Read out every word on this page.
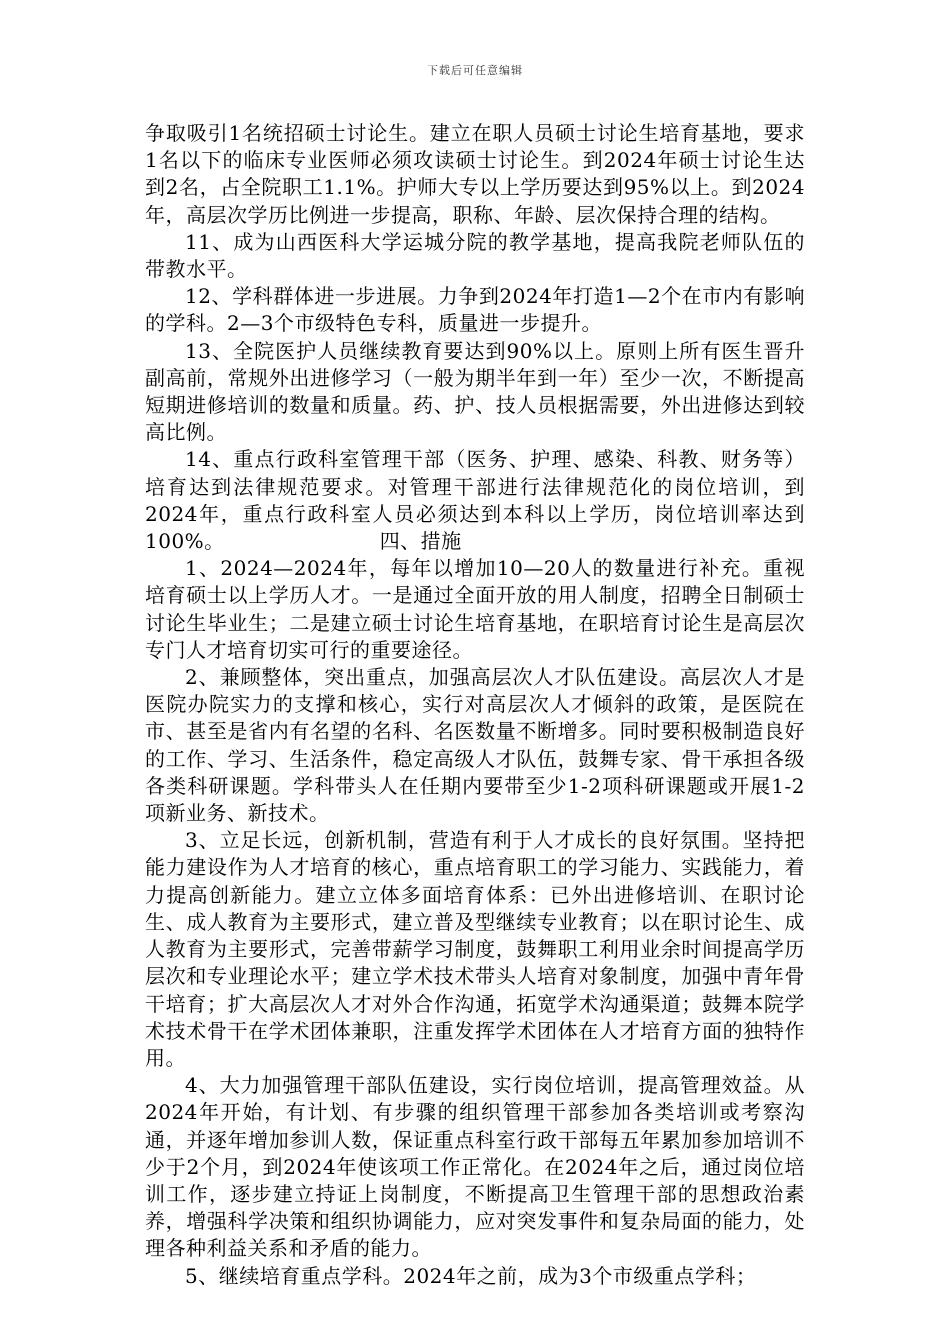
下载后可任意编辑

争取吸引1名统招硕士讨论生。建立在职人员硕士讨论生培育基地，要求1名以下的临床专业医师必须攻读硕士讨论生。到2024年硕士讨论生达到2名，占全院职工1.1%。护师大专以上学历要达到95%以上。到2024年，高层次学历比例进一步提高，职称、年龄、层次保持合理的结构。

11、成为山西医科大学运城分院的教学基地，提高我院老师队伍的带教水平。

12、学科群体进一步进展。力争到2024年打造1—2个在市内有影响的学科。2—3个市级特色专科，质量进一步提升。

13、全院医护人员继续教育要达到90%以上。原则上所有医生晋升副高前，常规外出进修学习（一般为期半年到一年）至少一次，不断提高短期进修培训的数量和质量。药、护、技人员根据需要，外出进修达到较高比例。

14、重点行政科室管理干部（医务、护理、感染、科教、财务等）培育达到法律规范要求。对管理干部进行法律规范化的岗位培训，到2024年，重点行政科室人员必须达到本科以上学历，岗位培训率达到100%。	四、措施

1、2024—2024年，每年以增加10—20人的数量进行补充。重视培育硕士以上学历人才。一是通过全面开放的用人制度，招聘全日制硕士讨论生毕业生；二是建立硕士讨论生培育基地，在职培育讨论生是高层次专门人才培育切实可行的重要途径。

2、兼顾整体，突出重点，加强高层次人才队伍建设。高层次人才是医院办院实力的支撑和核心，实行对高层次人才倾斜的政策，是医院在市、甚至是省内有名望的名科、名医数量不断增多。同时要积极制造良好的工作、学习、生活条件，稳定高级人才队伍，鼓舞专家、骨干承担各级各类科研课题。学科带头人在任期内要带至少1-2项科研课题或开展1-2项新业务、新技术。

3、立足长远，创新机制，营造有利于人才成长的良好氛围。坚持把能力建设作为人才培育的核心，重点培育职工的学习能力、实践能力，着力提高创新能力。建立立体多面培育体系：已外出进修培训、在职讨论生、成人教育为主要形式，建立普及型继续专业教育；以在职讨论生、成人教育为主要形式，完善带薪学习制度，鼓舞职工利用业余时间提高学历层次和专业理论水平；建立学术技术带头人培育对象制度，加强中青年骨干培育；扩大高层次人才对外合作沟通，拓宽学术沟通渠道；鼓舞本院学术技术骨干在学术团体兼职，注重发挥学术团体在人才培育方面的独特作用。

4、大力加强管理干部队伍建设，实行岗位培训，提高管理效益。从2024年开始，有计划、有步骤的组织管理干部参加各类培训或考察沟通，并逐年增加参训人数，保证重点科室行政干部每五年累加参加培训不少于2个月，到2024年使该项工作正常化。在2024年之后，通过岗位培训工作，逐步建立持证上岗制度，不断提高卫生管理干部的思想政治素养，增强科学决策和组织协调能力，应对突发事件和复杂局面的能力，处理各种利益关系和矛盾的能力。

5、继续培育重点学科。2024年之前，成为3个市级重点学科；
